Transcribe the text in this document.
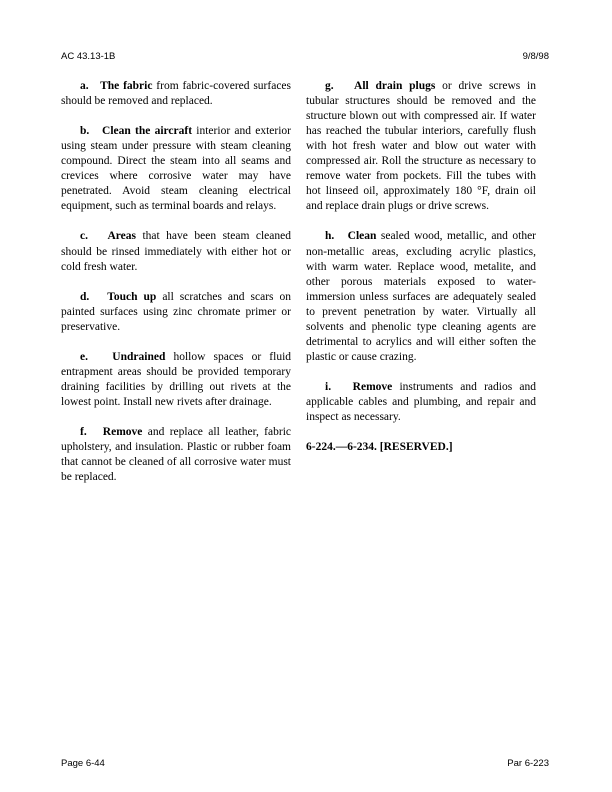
AC 43.13-1B	9/8/98

a. The fabric from fabric-covered surfaces should be removed and replaced.

b. Clean the aircraft interior and exterior using steam under pressure with steam cleaning compound. Direct the steam into all seams and crevices where corrosive water may have penetrated. Avoid steam cleaning electrical equipment, such as terminal boards and relays.

c. Areas that have been steam cleaned should be rinsed immediately with either hot or cold fresh water.

d. Touch up all scratches and scars on painted surfaces using zinc chromate primer or preservative.

e. Undrained hollow spaces or fluid entrapment areas should be provided temporary draining facilities by drilling out rivets at the lowest point. Install new rivets after drainage.

f. Remove and replace all leather, fabric upholstery, and insulation. Plastic or rubber foam that cannot be cleaned of all corrosive water must be replaced.

g. All drain plugs or drive screws in tubular structures should be removed and the structure blown out with compressed air. If water has reached the tubular interiors, carefully flush with hot fresh water and blow out water with compressed air. Roll the structure as necessary to remove water from pockets. Fill the tubes with hot linseed oil, approximately 180 °F, drain oil and replace drain plugs or drive screws.

h. Clean sealed wood, metallic, and other non-metallic areas, excluding acrylic plastics, with warm water. Replace wood, metalite, and other porous materials exposed to water-immersion unless surfaces are adequately sealed to prevent penetration by water. Virtually all solvents and phenolic type cleaning agents are detrimental to acrylics and will either soften the plastic or cause crazing.

i. Remove instruments and radios and applicable cables and plumbing, and repair and inspect as necessary.

6-224.—6-234. [RESERVED.]
Page 6-44	Par 6-223
